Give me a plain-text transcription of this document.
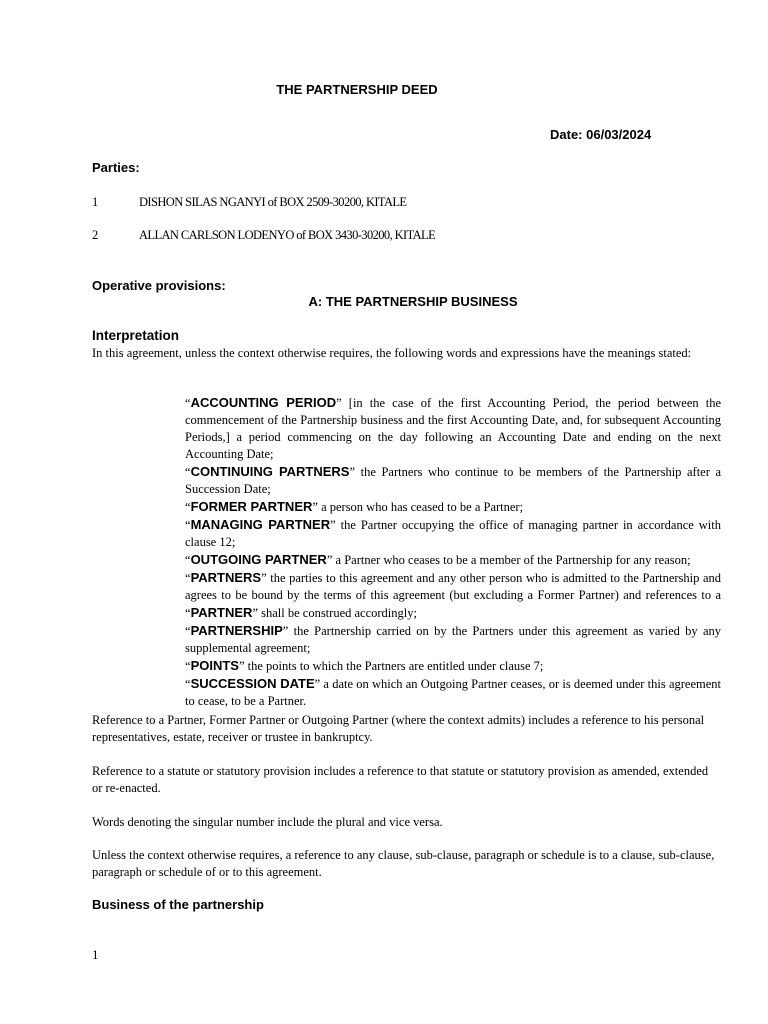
THE PARTNERSHIP DEED
Date: 06/03/2024
Parties:
1	DISHON SILAS NGANYI of BOX 2509-30200, KITALE
2	ALLAN CARLSON LODENYO of BOX 3430-30200, KITALE
Operative provisions:
A: THE PARTNERSHIP BUSINESS
Interpretation
In this agreement, unless the context otherwise requires, the following words and expressions have the meanings stated:

“ACCOUNTING PERIOD” [in the case of the first Accounting Period, the period between the commencement of the Partnership business and the first Accounting Date, and, for subsequent Accounting Periods,] a period commencing on the day following an Accounting Date and ending on the next Accounting Date;

“CONTINUING PARTNERS” the Partners who continue to be members of the Partnership after a Succession Date;

“FORMER PARTNER” a person who has ceased to be a Partner;

“MANAGING PARTNER” the Partner occupying the office of managing partner in accordance with clause 12;

“OUTGOING PARTNER” a Partner who ceases to be a member of the Partnership for any reason;

“PARTNERS” the parties to this agreement and any other person who is admitted to the Partnership and agrees to be bound by the terms of this agreement (but excluding a Former Partner) and references to a “PARTNER” shall be construed accordingly;

“PARTNERSHIP” the Partnership carried on by the Partners under this agreement as varied by any supplemental agreement;

“POINTS” the points to which the Partners are entitled under clause 7;

“SUCCESSION DATE” a date on which an Outgoing Partner ceases, or is deemed under this agreement to cease, to be a Partner.

Reference to a Partner, Former Partner or Outgoing Partner (where the context admits) includes a reference to his personal representatives, estate, receiver or trustee in bankruptcy.
Reference to a statute or statutory provision includes a reference to that statute or statutory provision as amended, extended or re-enacted.
Words denoting the singular number include the plural and vice versa.
Unless the context otherwise requires, a reference to any clause, sub-clause, paragraph or schedule is to a clause, sub-clause, paragraph or schedule of or to this agreement.
Business of the partnership
1
